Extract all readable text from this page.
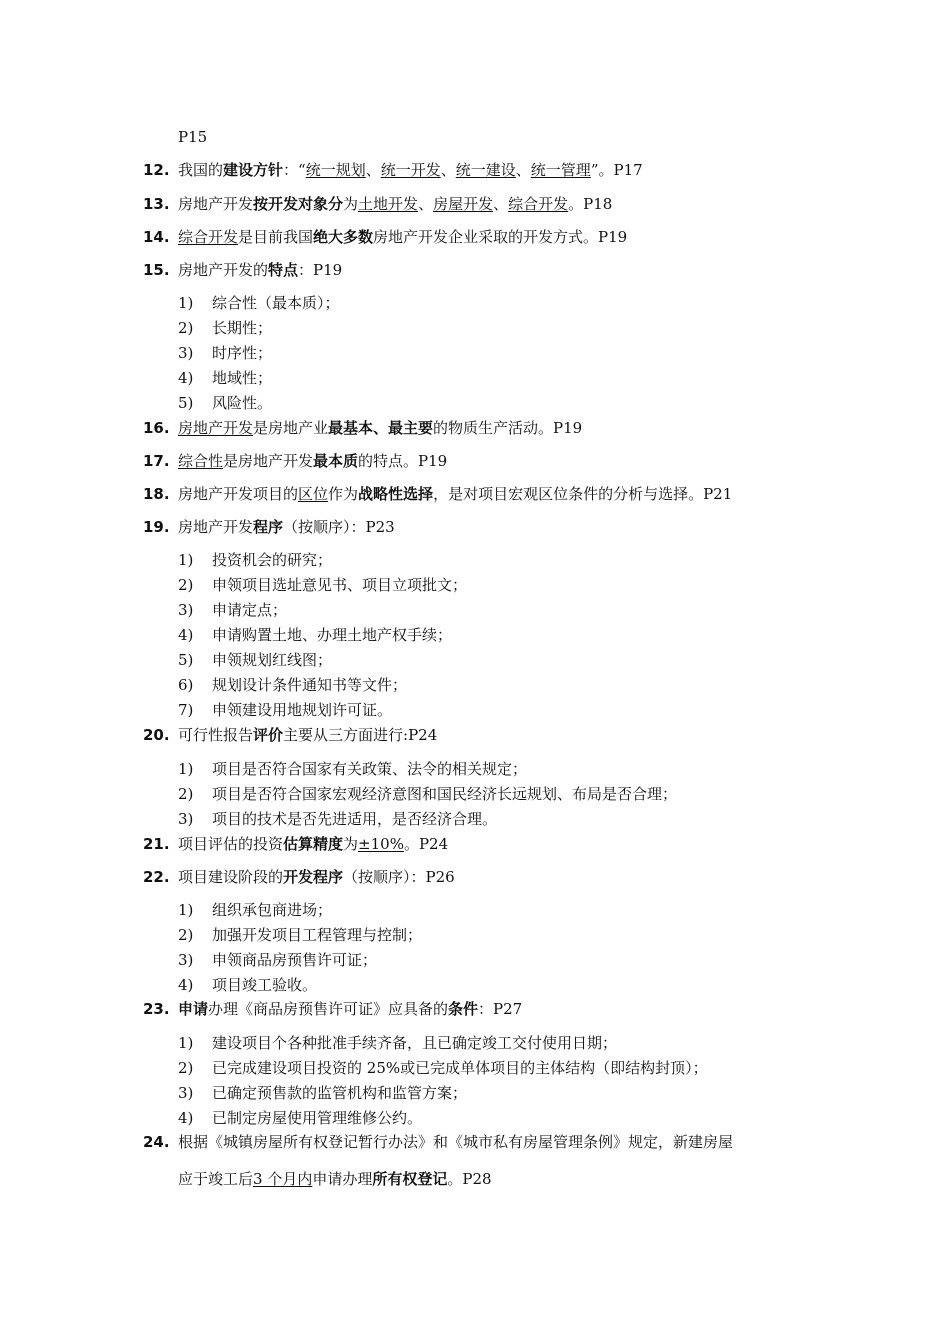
P15
12. 我国的建设方针：“统一规划、统一开发、统一建设、统一管理”。P17
13. 房地产开发按开发对象分为土地开发、房屋开发、综合开发。P18
14. 综合开发是目前我国绝大多数房地产开发企业采取的开发方式。P19
15. 房地产开发的特点：P19
1) 综合性（最本质）；
2) 长期性；
3) 时序性；
4) 地域性；
5) 风险性。
16. 房地产开发是房地产业最基本、最主要的物质生产活动。P19
17. 综合性是房地产开发最本质的特点。P19
18. 房地产开发项目的区位作为战略性选择，是对项目宏观区位条件的分析与选择。P21
19. 房地产开发程序（按顺序）：P23
1) 投资机会的研究；
2) 申领项目选址意见书、项目立项批文；
3) 申请定点；
4) 申请购置土地、办理土地产权手续；
5) 申领规划红线图；
6) 规划设计条件通知书等文件；
7) 申领建设用地规划许可证。
20. 可行性报告评价主要从三方面进行:P24
1) 项目是否符合国家有关政策、法令的相关规定；
2) 项目是否符合国家宏观经济意图和国民经济长远规划、布局是否合理；
3) 项目的技术是否先进适用，是否经济合理。
21. 项目评估的投资估算精度为±10%。P24
22. 项目建设阶段的开发程序（按顺序）：P26
1) 组织承包商进场；
2) 加强开发项目工程管理与控制；
3) 申领商品房预售许可证；
4) 项目竣工验收。
23. 申请办理《商品房预售许可证》应具备的条件：P27
1) 建设项目个各种批准手续齐备，且已确定竣工交付使用日期；
2) 已完成建设项目投资的 25%或已完成单体项目的主体结构（即结构封顶）；
3) 已确定预售款的监管机构和监管方案；
4) 已制定房屋使用管理维修公约。
24. 根据《城镇房屋所有权登记暂行办法》和《城市私有房屋管理条例》规定，新建房屋
应于竣工后3 个月内申请办理所有权登记。P28
